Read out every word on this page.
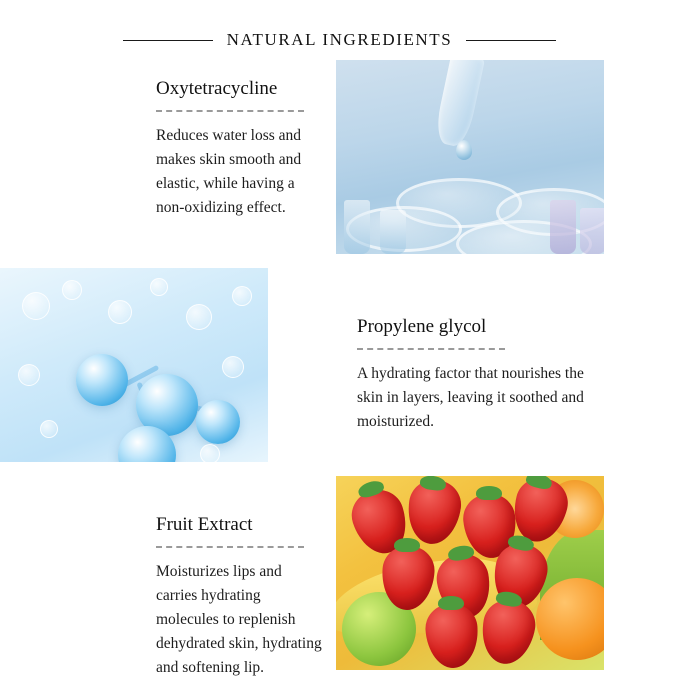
NATURAL INGREDIENTS
Oxytetracycline

Reduces water loss and makes skin smooth and elastic, while having a non-oxidizing effect.

Propylene glycol

A hydrating factor that nourishes the skin in layers, leaving it soothed and moisturized.

Fruit Extract

Moisturizes lips and carries hydrating molecules to replenish dehydrated skin, hydrating and softening lip.
